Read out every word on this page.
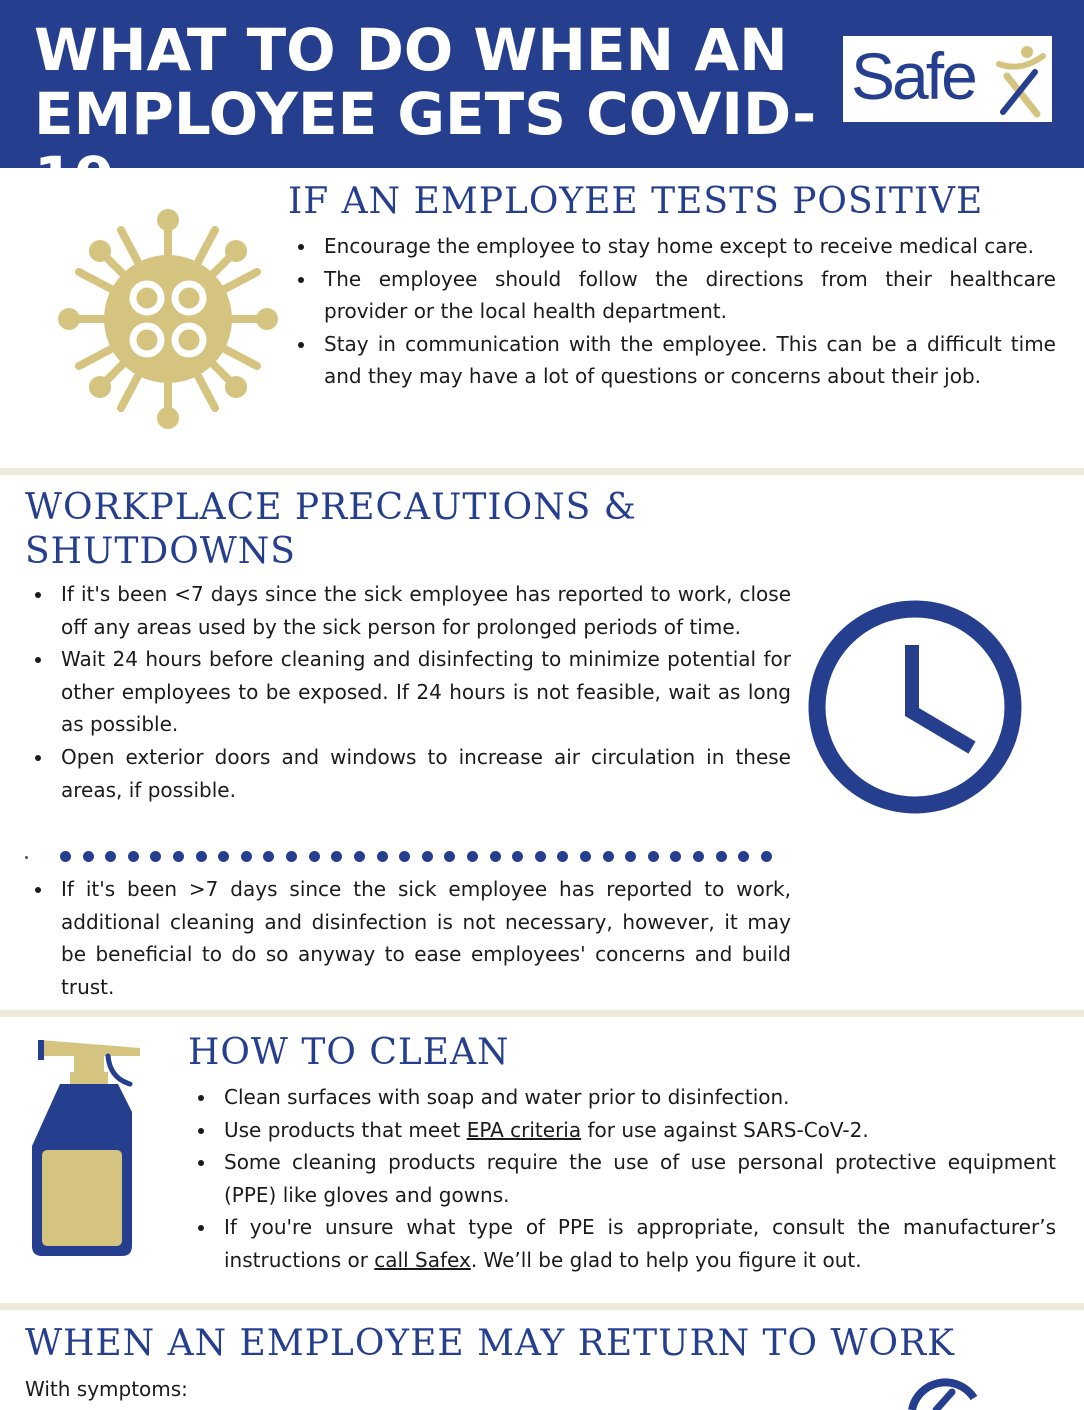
WHAT TO DO WHEN AN
EMPLOYEE GETS COVID-19
Safe
IF AN EMPLOYEE TESTS POSITIVE
Encourage the employee to stay home except to receive medical care.
The employee should follow the directions from their healthcare provider or the local health department.
Stay in communication with the employee. This can be a difficult time and they may have a lot of questions or concerns about their job.
WORKPLACE PRECAUTIONS &
SHUTDOWNS
If it's been <7 days since the sick employee has reported to work, close off any areas used by the sick person for prolonged periods of time.
Wait 24 hours before cleaning and disinfecting to minimize potential for other employees to be exposed. If 24 hours is not feasible, wait as long as possible.
Open exterior doors and windows to increase air circulation in these areas, if possible.
If it's been >7 days since the sick employee has reported to work, additional cleaning and disinfection is not necessary, however, it may be beneficial to do so anyway to ease employees' concerns and build trust.
HOW TO CLEAN
Clean surfaces with soap and water prior to disinfection.
Use products that meet EPA criteria for use against SARS-CoV-2.
Some cleaning products require the use of use personal protective equipment (PPE) like gloves and gowns.
If you're unsure what type of PPE is appropriate, consult the manufacturer’s instructions or call Safex. We’ll be glad to help you figure it out.
WHEN AN EMPLOYEE MAY RETURN TO WORK
With symptoms:
